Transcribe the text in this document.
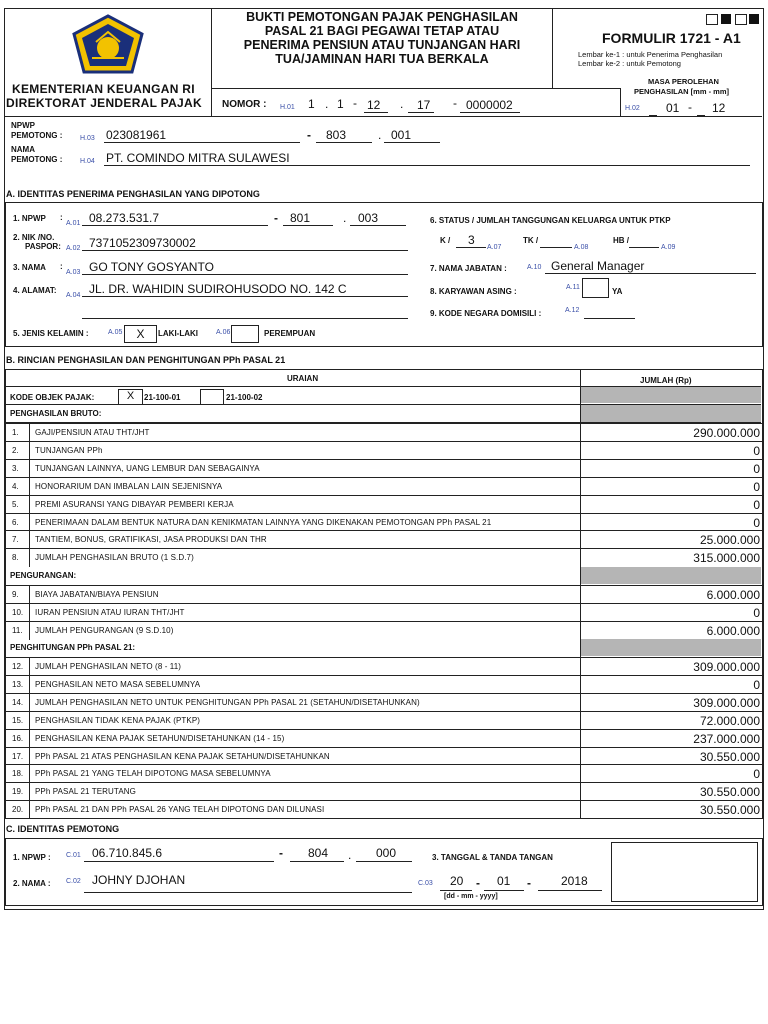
KEMENTERIAN KEUANGAN RI
DIREKTORAT JENDERAL PAJAK
BUKTI PEMOTONGAN PAJAK PENGHASILAN
PASAL 21 BAGI PEGAWAI TETAP ATAU
PENERIMA PENSIUN ATAU TUNJANGAN HARI
TUA/JAMINAN HARI TUA BERKALA
FORMULIR 1721 - A1
Lembar ke-1 : untuk Penerima Penghasilan
Lembar ke-2 : untuk Pemotong
MASA PEROLEHAN
PENGHASILAN [mm - mm]
NOMOR : H.01 1 . 1 - 12 . 17 - 0000002	H.02 01 - 12
NPWP
PEMOTONG :	H.03 023081961	- 803	. 001
NAMA
PEMOTONG :	H.04 PT. COMINDO MITRA SULAWESI
A. IDENTITAS PENERIMA PENGHASILAN YANG DIPOTONG
1. NPWP :
A.01 08.273.531.7	- 801	. 003
2. NIK /NO.
PASPOR: A.02 7371052309730002
3. NAMA :
A.03 GO TONY GOSYANTO
4. ALAMAT:
A.04 JL. DR. WAHIDIN SUDIROHUSODO NO. 142 C
5. JENIS KELAMIN :	A.05	X	LAKI-LAKI	A.06	PEREMPUAN
6. STATUS / JUMLAH TANGGUNGAN KELUARGA UNTUK PTKP
K / 3
A.07
TK /
A.08
HB /
A.09
7. NAMA JABATAN :	A.10 General Manager
8. KARYAWAN ASING :	A.11	YA
9. KODE NEGARA DOMISILI :	A.12
B. RINCIAN PENGHASILAN DAN PENGHITUNGAN PPh PASAL 21
URAIAN	JUMLAH (Rp)
KODE OBJEK PAJAK:	X	21-100-01	21-100-02
PENGHASILAN BRUTO:
1. GAJI/PENSIUN ATAU THT/JHT	290.000.000
2. TUNJANGAN PPh	0
3. TUNJANGAN LAINNYA, UANG LEMBUR DAN SEBAGAINYA	0
4. HONORARIUM DAN IMBALAN LAIN SEJENISNYA	0
5. PREMI ASURANSI YANG DIBAYAR PEMBERI KERJA	0
6. PENERIMAAN DALAM BENTUK NATURA DAN KENIKMATAN LAINNYA YANG DIKENAKAN PEMOTONGAN PPh PASAL 21	0
7. TANTIEM, BONUS, GRATIFIKASI, JASA PRODUKSI DAN THR	25.000.000
8. JUMLAH PENGHASILAN BRUTO (1 S.D.7)	315.000.000
PENGURANGAN:
9. BIAYA JABATAN/BIAYA PENSIUN	6.000.000
10. IURAN PENSIUN ATAU IURAN THT/JHT	0
11. JUMLAH PENGURANGAN (9 S.D.10)	6.000.000
PENGHITUNGAN PPh PASAL 21:
12. JUMLAH PENGHASILAN NETO (8 - 11)	309.000.000
13. PENGHASILAN NETO MASA SEBELUMNYA	0
14. JUMLAH PENGHASILAN NETO UNTUK PENGHITUNGAN PPh PASAL 21 (SETAHUN/DISETAHUNKAN)	309.000.000
15. PENGHASILAN TIDAK KENA PAJAK (PTKP)	72.000.000
16. PENGHASILAN KENA PAJAK SETAHUN/DISETAHUNKAN (14 - 15)	237.000.000
17. PPh PASAL 21 ATAS PENGHASILAN KENA PAJAK SETAHUN/DISETAHUNKAN	30.550.000
18. PPh PASAL 21 YANG TELAH DIPOTONG MASA SEBELUMNYA	0
19. PPh PASAL 21 TERUTANG	30.550.000
20. PPh PASAL 21 DAN PPh PASAL 26 YANG TELAH DIPOTONG DAN DILUNASI	30.550.000
C. IDENTITAS PEMOTONG
1. NPWP : C.01 06.710.845.6	- 804 . 000
2. NAMA : C.02 JOHNY DJOHAN
3. TANGGAL & TANDA TANGAN
C.03 20 - 01 -	2018
[dd - mm - yyyy]
